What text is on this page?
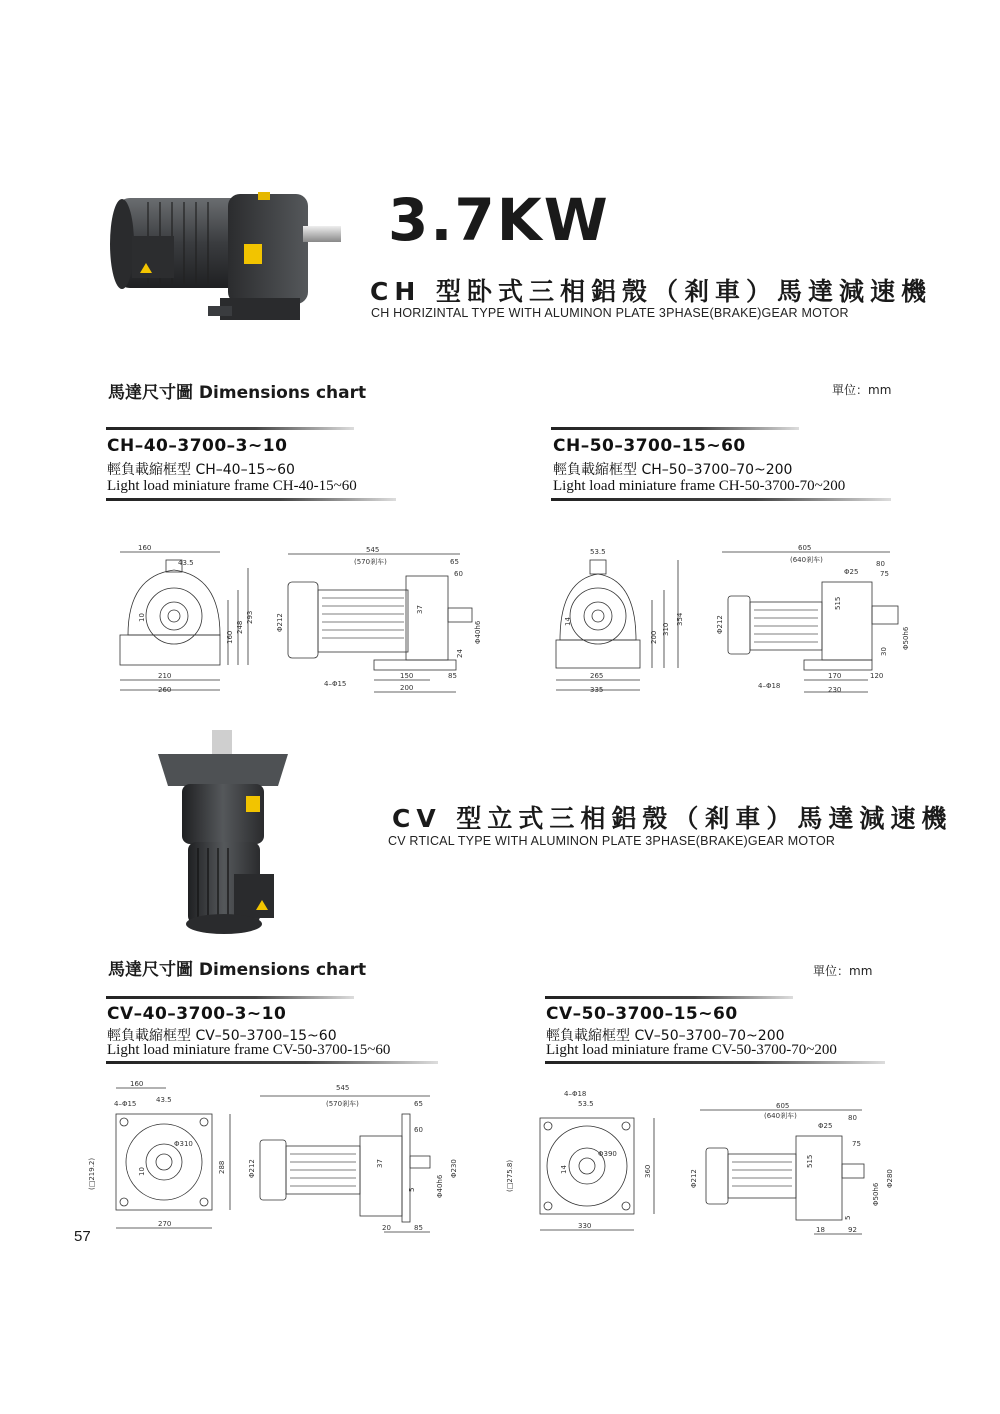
3.7KW
CH 型卧式三相鋁殼（剎車）馬達減速機
CH HORIZINTAL TYPE WITH ALUMINON PLATE 3PHASE(BRAKE)GEAR MOTOR
馬達尺寸圖 Dimensions chart	單位：mm
CH–40–3700–3~10
輕負載縮框型 CH–40–15~60
Light load miniature frame CH-40-15~60
CH–50–3700–15~60
輕負載縮框型 CH–50–3700–70~200
Light load miniature frame CH-50-3700-70~200
160
43.5
210
260
10
160
248
293
545
(570剎车)	65
60
Φ212
37
Φ40h6
24
4–Φ15
150	85
200
53.5
265
335
14
200
310
354
605
(640剎车)
Φ25
80
75
Φ212
515
30
Φ50h6
4–Φ18
170	120
230
CV 型立式三相鋁殼（剎車）馬達減速機
CV RTICAL TYPE WITH ALUMINON PLATE 3PHASE(BRAKE)GEAR MOTOR
馬達尺寸圖 Dimensions chart	單位：mm
CV–40–3700–3~10
輕負載縮框型 CV–50–3700–15~60
Light load miniature frame CV-50-3700-15~60
CV–50–3700–15~60
輕負載縮框型 CV–50–3700–70~200
Light load miniature frame CV-50-3700-70~200
160
4–Φ15	43.5
Φ310
10
(□219.2)	288
270
545
(570剎车)	65
60
Φ212	37
5	Φ40h6
Φ230
20	85
4–Φ18
53.5
Φ390
14
(□275.8)	360
330
605
(640剎车)
Φ25
80
75
Φ212
515
Φ50h6
Φ280
5
18	92
57
